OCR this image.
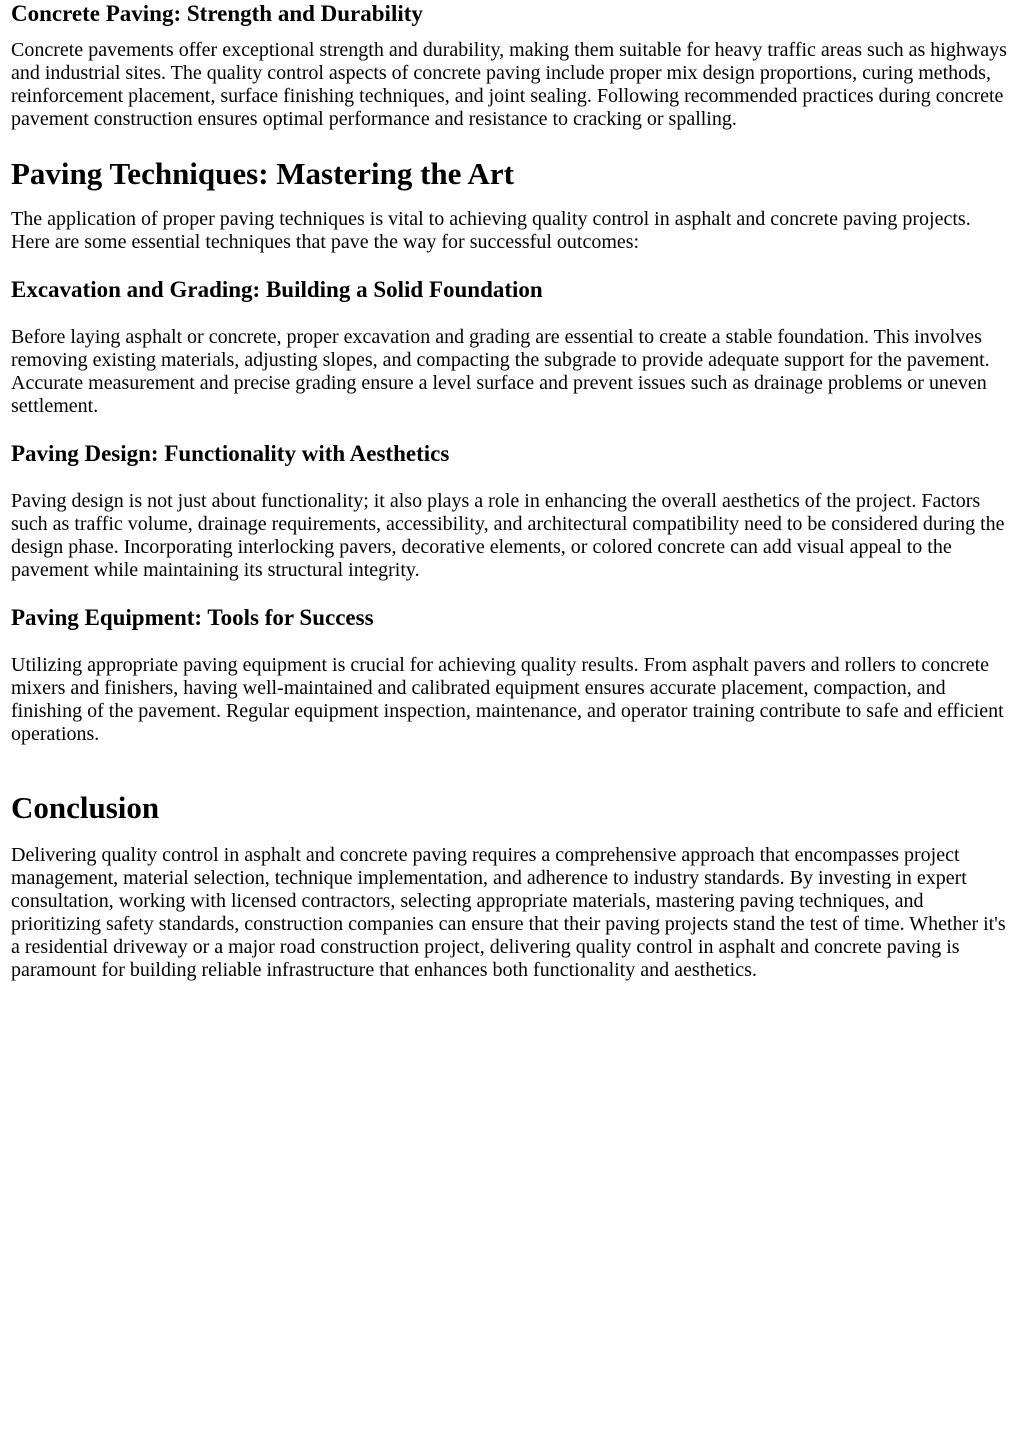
Concrete Paving: Strength and Durability

Concrete pavements offer exceptional strength and durability, making them suitable for heavy traffic areas such as highways and industrial sites. The quality control aspects of concrete paving include proper mix design proportions, curing methods, reinforcement placement, surface finishing techniques, and joint sealing. Following recommended practices during concrete pavement construction ensures optimal performance and resistance to cracking or spalling.

Paving Techniques: Mastering the Art

The application of proper paving techniques is vital to achieving quality control in asphalt and concrete paving projects. Here are some essential techniques that pave the way for successful outcomes:

Excavation and Grading: Building a Solid Foundation

Before laying asphalt or concrete, proper excavation and grading are essential to create a stable foundation. This involves removing existing materials, adjusting slopes, and compacting the subgrade to provide adequate support for the pavement. Accurate measurement and precise grading ensure a level surface and prevent issues such as drainage problems or uneven settlement.

Paving Design: Functionality with Aesthetics

Paving design is not just about functionality; it also plays a role in enhancing the overall aesthetics of the project. Factors such as traffic volume, drainage requirements, accessibility, and architectural compatibility need to be considered during the design phase. Incorporating interlocking pavers, decorative elements, or colored concrete can add visual appeal to the pavement while maintaining its structural integrity.

Paving Equipment: Tools for Success

Utilizing appropriate paving equipment is crucial for achieving quality results. From asphalt pavers and rollers to concrete mixers and finishers, having well-maintained and calibrated equipment ensures accurate placement, compaction, and finishing of the pavement. Regular equipment inspection, maintenance, and operator training contribute to safe and efficient operations.

Conclusion

Delivering quality control in asphalt and concrete paving requires a comprehensive approach that encompasses project management, material selection, technique implementation, and adherence to industry standards. By investing in expert consultation, working with licensed contractors, selecting appropriate materials, mastering paving techniques, and prioritizing safety standards, construction companies can ensure that their paving projects stand the test of time. Whether it's a residential driveway or a major road construction project, delivering quality control in asphalt and concrete paving is paramount for building reliable infrastructure that enhances both functionality and aesthetics.
